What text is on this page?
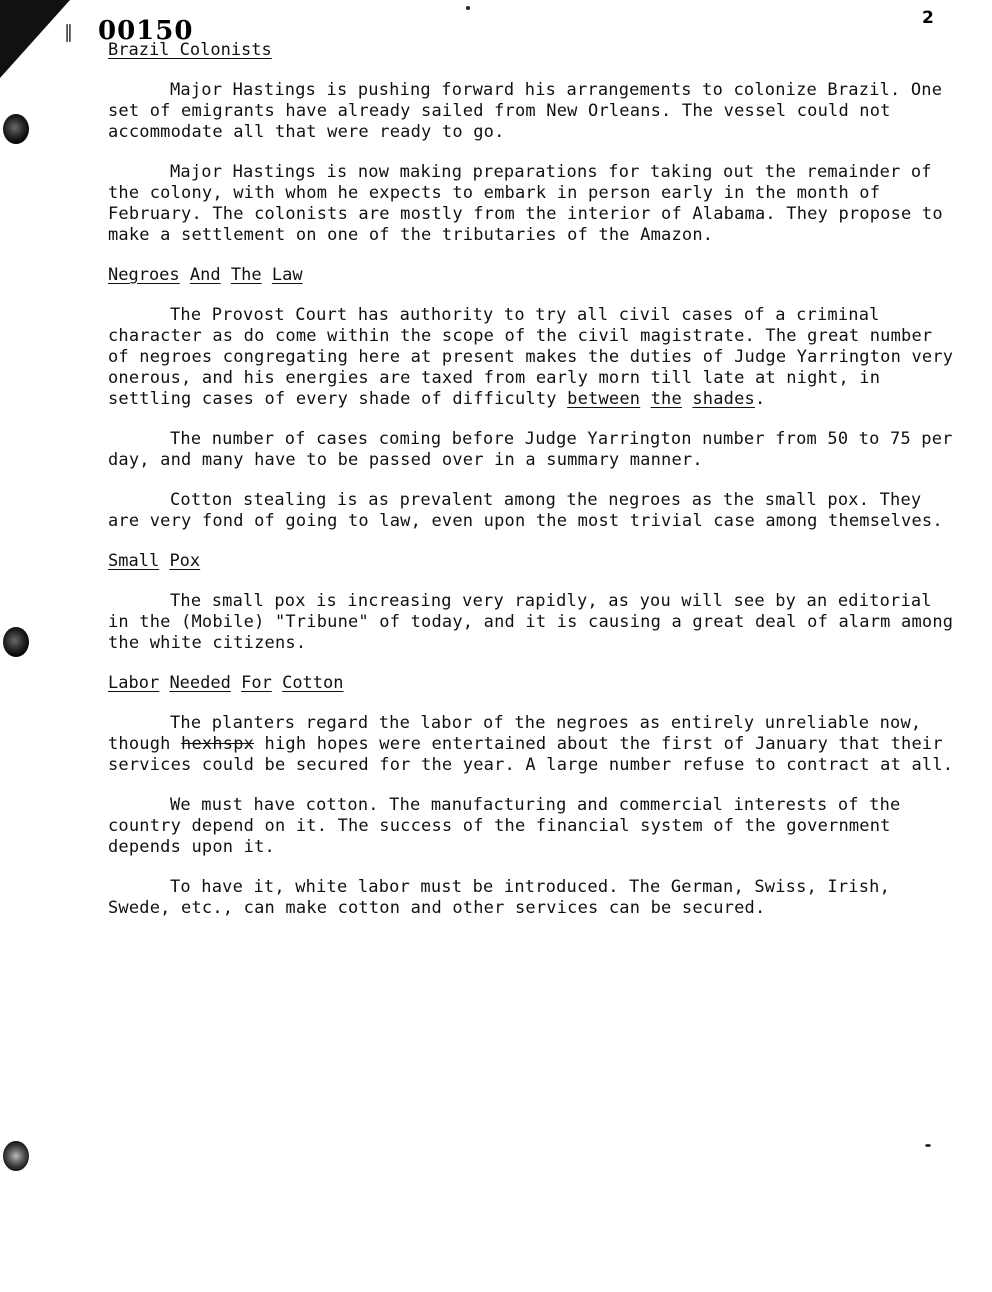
∥ 00150	2
Brazil Colonists

Major Hastings is pushing forward his arrangements to colonize Brazil. One set of emigrants have already sailed from New Orleans. The vessel could not accommodate all that were ready to go.

Major Hastings is now making preparations for taking out the remainder of the colony, with whom he expects to embark in person early in the month of February. The colonists are mostly from the interior of Alabama. They propose to make a settlement on one of the tributaries of the Amazon.

Negroes And The Law

The Provost Court has authority to try all civil cases of a criminal character as do come within the scope of the civil magistrate. The great number of negroes congregating here at present makes the duties of Judge Yarrington very onerous, and his energies are taxed from early morn till late at night, in settling cases of every shade of difficulty between the shades.

The number of cases coming before Judge Yarrington number from 50 to 75 per day, and many have to be passed over in a summary manner.

Cotton stealing is as prevalent among the negroes as the small pox. They are very fond of going to law, even upon the most trivial case among themselves.

Small Pox

The small pox is increasing very rapidly, as you will see by an editorial in the (Mobile) "Tribune" of today, and it is causing a great deal of alarm among the white citizens.

Labor Needed For Cotton

The planters regard the labor of the negroes as entirely unreliable now, though hexhspx high hopes were entertained about the first of January that their services could be secured for the year. A large number refuse to contract at all.

We must have cotton. The manufacturing and commercial interests of the country depend on it. The success of the financial system of the government depends upon it.

To have it, white labor must be introduced. The German, Swiss, Irish, Swede, etc., can make cotton and other services can be secured.
